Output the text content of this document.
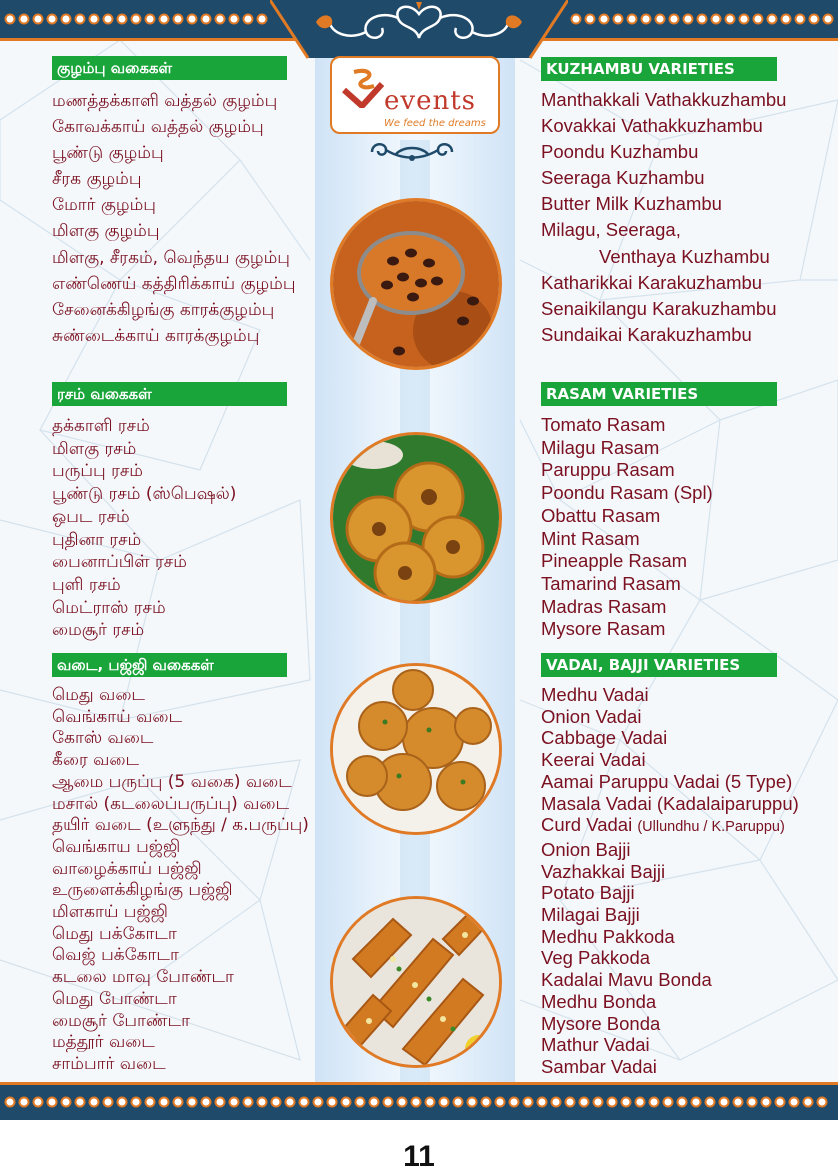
events
We feed the dreams
குழம்பு வகைகள்	KUZHAMBU VARIETIES
மணத்தக்காளி வத்தல் குழம்பு
கோவக்காய் வத்தல் குழம்பு
பூண்டு குழம்பு
சீரக குழம்பு
மோர் குழம்பு
மிளகு குழம்பு
மிளகு, சீரகம், வெந்தய குழம்பு
எண்ணெய் கத்திரிக்காய் குழம்பு
சேனைக்கிழங்கு காரக்குழம்பு
சுண்டைக்காய் காரக்குழம்பு
Manthakkali Vathakkuzhambu
Kovakkai Vathakkuzhambu
Poondu Kuzhambu
Seeraga Kuzhambu
Butter Milk Kuzhambu
Milagu, Seeraga,
Venthaya Kuzhambu
Katharikkai Karakuzhambu
Senaikilangu Karakuzhambu
Sundaikai Karakuzhambu
ரசம் வகைகள்	RASAM VARIETIES
தக்காளி ரசம்
மிளகு ரசம்
பருப்பு ரசம்
பூண்டு ரசம் (ஸ்பெஷல்)
ஒபட ரசம்
புதினா ரசம்
பைனாப்பிள் ரசம்
புளி ரசம்
மெட்ராஸ் ரசம்
மைசூர் ரசம்
Tomato Rasam
Milagu Rasam
Paruppu Rasam
Poondu Rasam (Spl)
Obattu Rasam
Mint Rasam
Pineapple Rasam
Tamarind Rasam
Madras Rasam
Mysore Rasam
வடை, பஜ்ஜி வகைகள்	VADAI, BAJJI VARIETIES
மெது வடை
வெங்காய் வடை
கோஸ் வடை
கீரை வடை
ஆமை பருப்பு (5 வகை) வடை
மசால் (கடலைப்பருப்பு) வடை
தயிர் வடை (உளுந்து / க.பருப்பு)
வெங்காய பஜ்ஜி
வாழைக்காய் பஜ்ஜி
உருளைக்கிழங்கு பஜ்ஜி
மிளகாய் பஜ்ஜி
மெது பக்கோடா
வெஜ் பக்கோடா
கடலை மாவு போண்டா
மெது போண்டா
மைசூர் போண்டா
மத்தூர் வடை
சாம்பார் வடை
Medhu Vadai
Onion Vadai
Cabbage Vadai
Keerai Vadai
Aamai Paruppu Vadai (5 Type)
Masala Vadai (Kadalaiparuppu)
Curd Vadai (Ullundhu / K.Paruppu)
Onion Bajji
Vazhakkai Bajji
Potato Bajji
Milagai Bajji
Medhu Pakkoda
Veg Pakkoda
Kadalai Mavu Bonda
Medhu Bonda
Mysore Bonda
Mathur Vadai
Sambar Vadai
11
